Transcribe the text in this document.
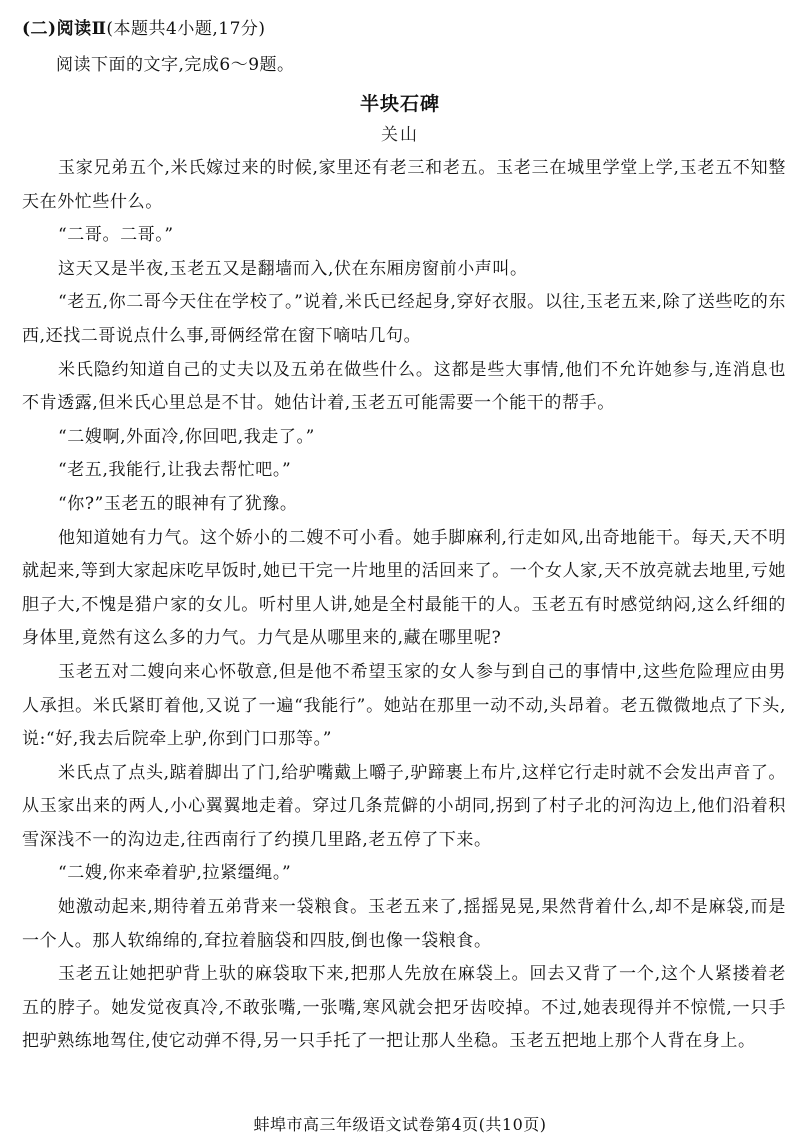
(二)阅读Ⅱ(本题共4小题,17分)
阅读下面的文字,完成6～9题。
半块石碑
关山

玉家兄弟五个,米氏嫁过来的时候,家里还有老三和老五。玉老三在城里学堂上学,玉老五不知整天在外忙些什么。

“二哥。二哥。”

这天又是半夜,玉老五又是翻墙而入,伏在东厢房窗前小声叫。

“老五,你二哥今天住在学校了。”说着,米氏已经起身,穿好衣服。以往,玉老五来,除了送些吃的东西,还找二哥说点什么事,哥俩经常在窗下嘀咕几句。

米氏隐约知道自己的丈夫以及五弟在做些什么。这都是些大事情,他们不允许她参与,连消息也不肯透露,但米氏心里总是不甘。她估计着,玉老五可能需要一个能干的帮手。

“二嫂啊,外面冷,你回吧,我走了。”

“老五,我能行,让我去帮忙吧。”

“你?”玉老五的眼神有了犹豫。

他知道她有力气。这个娇小的二嫂不可小看。她手脚麻利,行走如风,出奇地能干。每天,天不明就起来,等到大家起床吃早饭时,她已干完一片地里的活回来了。一个女人家,天不放亮就去地里,亏她胆子大,不愧是猎户家的女儿。听村里人讲,她是全村最能干的人。玉老五有时感觉纳闷,这么纤细的身体里,竟然有这么多的力气。力气是从哪里来的,藏在哪里呢?

玉老五对二嫂向来心怀敬意,但是他不希望玉家的女人参与到自己的事情中,这些危险理应由男人承担。米氏紧盯着他,又说了一遍“我能行”。她站在那里一动不动,头昂着。老五微微地点了下头,说:“好,我去后院牵上驴,你到门口那等。”

米氏点了点头,踮着脚出了门,给驴嘴戴上嚼子,驴蹄裹上布片,这样它行走时就不会发出声音了。从玉家出来的两人,小心翼翼地走着。穿过几条荒僻的小胡同,拐到了村子北的河沟边上,他们沿着积雪深浅不一的沟边走,往西南行了约摸几里路,老五停了下来。

“二嫂,你来牵着驴,拉紧缰绳。”

她激动起来,期待着五弟背来一袋粮食。玉老五来了,摇摇晃晃,果然背着什么,却不是麻袋,而是一个人。那人软绵绵的,耷拉着脑袋和四肢,倒也像一袋粮食。

玉老五让她把驴背上驮的麻袋取下来,把那人先放在麻袋上。回去又背了一个,这个人紧搂着老五的脖子。她发觉夜真冷,不敢张嘴,一张嘴,寒风就会把牙齿咬掉。不过,她表现得并不惊慌,一只手把驴熟练地驾住,使它动弹不得,另一只手托了一把让那人坐稳。玉老五把地上那个人背在身上。

蚌埠市高三年级语文试卷第4页(共10页)
